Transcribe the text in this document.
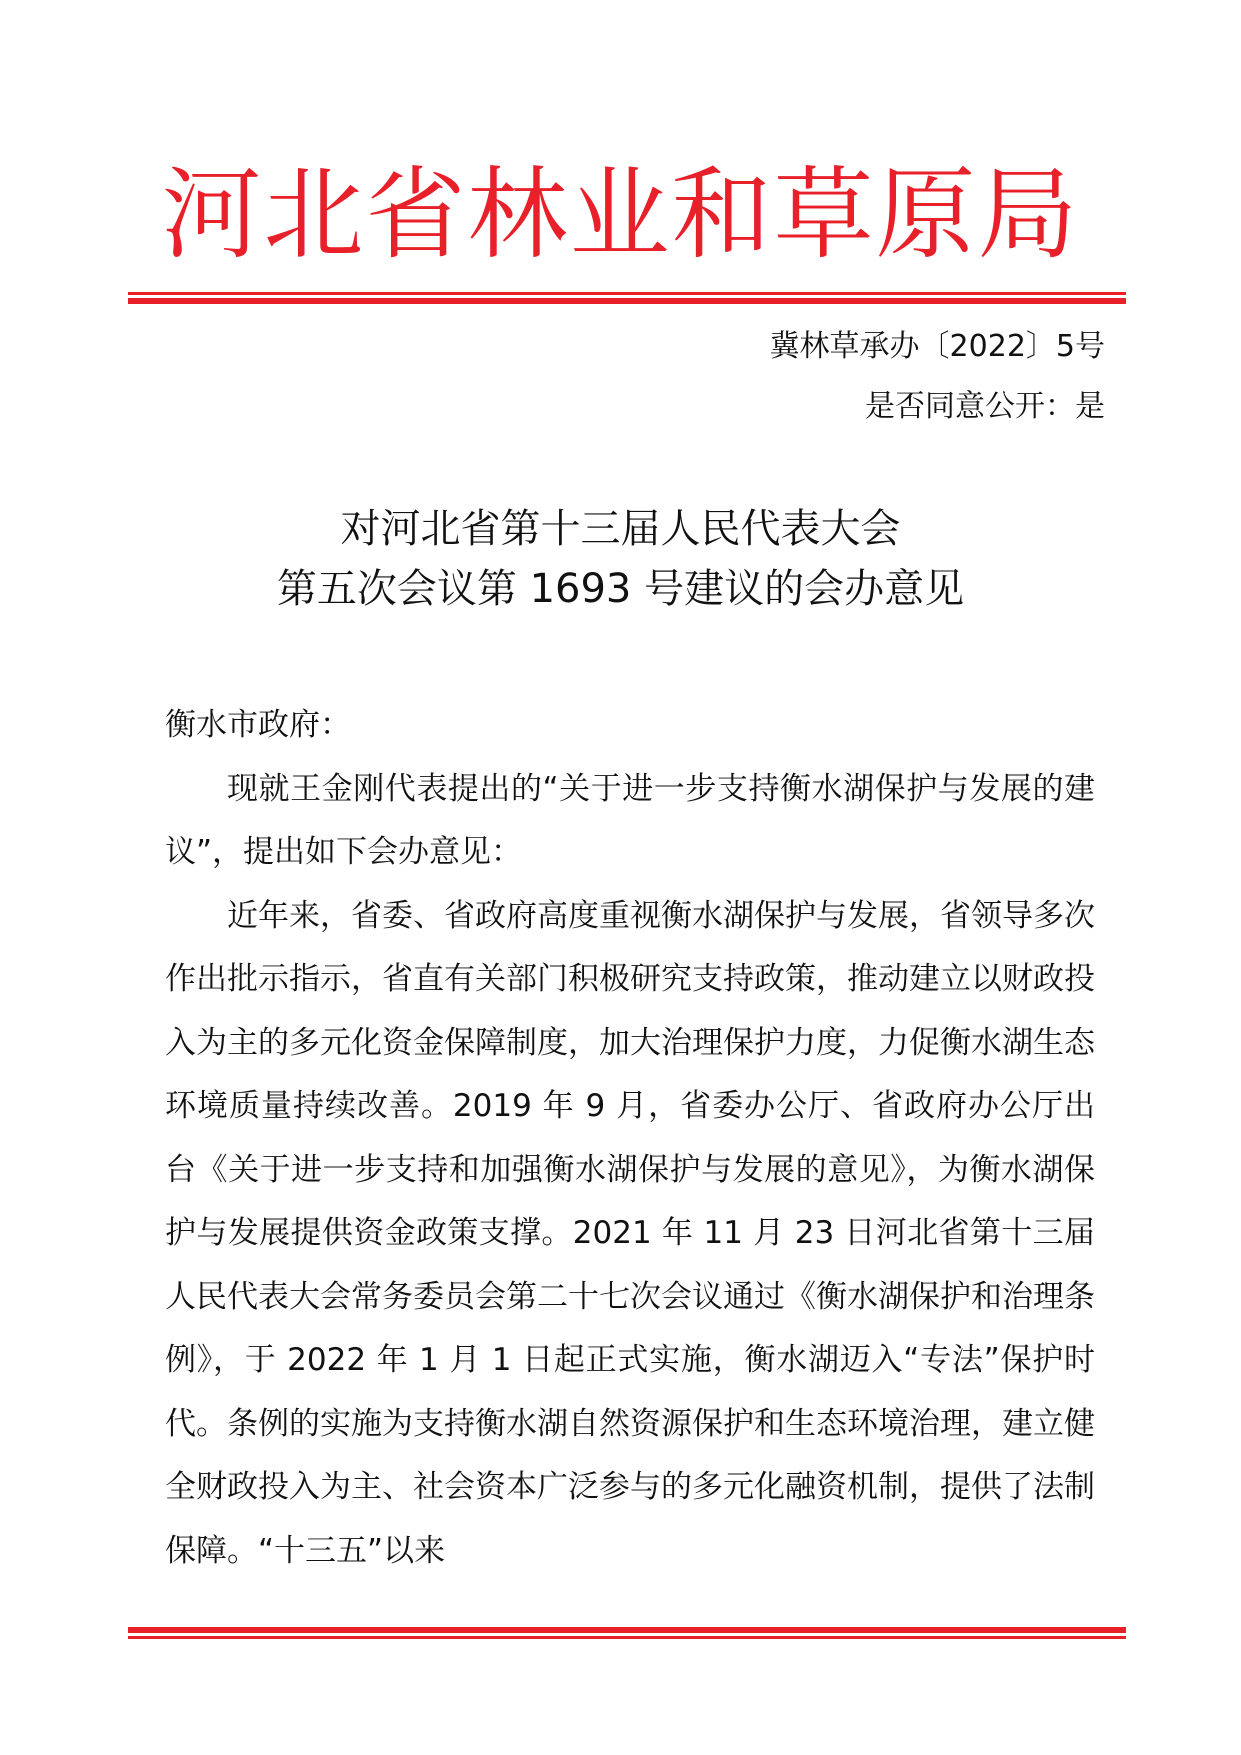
河北省林业和草原局
冀林草承办〔2022〕5号
是否同意公开：是
对河北省第十三届人民代表大会
第五次会议第 1693 号建议的会办意见

衡水市政府：

现就王金刚代表提出的“关于进一步支持衡水湖保护与发展的建议”，提出如下会办意见：

近年来，省委、省政府高度重视衡水湖保护与发展，省领导多次作出批示指示，省直有关部门积极研究支持政策，推动建立以财政投入为主的多元化资金保障制度，加大治理保护力度，力促衡水湖生态环境质量持续改善。2019 年 9 月，省委办公厅、省政府办公厅出台《关于进一步支持和加强衡水湖保护与发展的意见》，为衡水湖保护与发展提供资金政策支撑。2021 年 11 月 23 日河北省第十三届人民代表大会常务委员会第二十七次会议通过《衡水湖保护和治理条例》，于 2022 年 1 月 1 日起正式实施，衡水湖迈入“专法”保护时代。条例的实施为支持衡水湖自然资源保护和生态环境治理，建立健全财政投入为主、社会资本广泛参与的多元化融资机制，提供了法制保障。“十三五”以来
